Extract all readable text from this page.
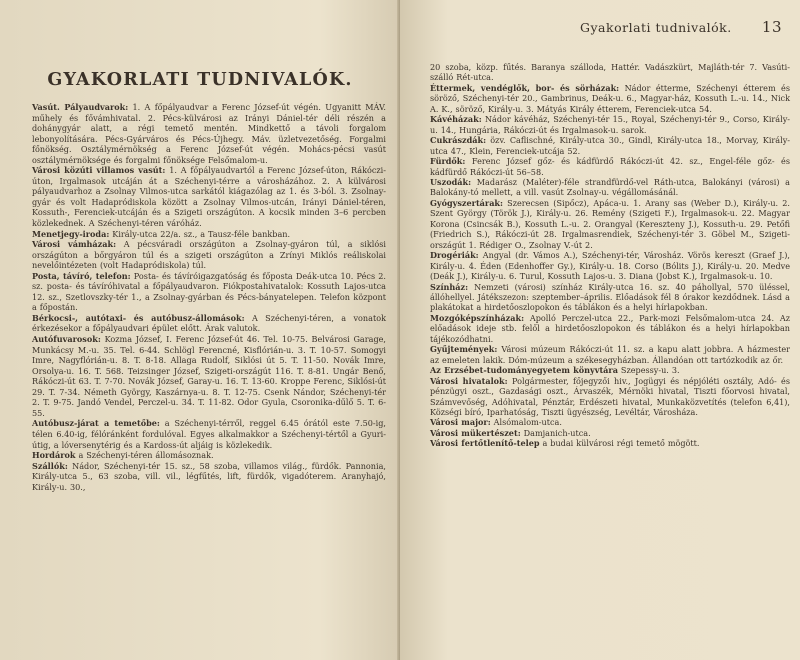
GYAKORLATI TUDNIVALÓK.

Vasút. Pályaudvarok: 1. A főpályaudvar a Ferenc József-út végén. Ugyanitt MÁV. műhely és fővámhivatal. 2. Pécs-külvárosi az Irányi Dániel-tér déli részén a dohánygyár alatt, a régi temető mentén. Mindkettő a távoli forgalom lebonyolítására. Pécs-Gyárváros és Pécs-Újhegy. Máv. üzletvezetőség. Forgalmi főnökség. Osztálymérnökség a Ferenc József-út végén. Mohács-pécsi vasút osztálymérnöksége és forgalmi főnöksége Felsőmalom-u.

Városi közúti villamos vasút: 1. A főpályaudvartól a Ferenc József-úton, Rákóczi-úton, Irgalmasok utcáján át a Széchenyi-térre a városházához. 2. A külvárosi pályaudvarhoz a Zsolnay Vilmos-utca sarkától kiágazólag az 1. és 3-ból. 3. Zsolnay-gyár és volt Hadapródiskola között a Zsolnay Vilmos-utcán, Irányi Dániel-téren, Kossuth-, Ferenciek-utcáján és a Szigeti országúton. A kocsik minden 3–6 percben közlekednek. A Széchenyi-téren váróház.

Menetjegy-iroda: Király-utca 22/a. sz., a Tausz-féle bankban.

Városi vámházak: A pécsváradi országúton a Zsolnay-gyáron túl, a siklósi országúton a bőrgyáron túl és a szigeti országúton a Zrínyi Miklós reáliskolai nevelőintézeten (volt Hadapródiskola) túl.

Posta, távíró, telefon: Posta- és távíróigazgatóság és főposta Deák-utca 10. Pécs 2. sz. posta- és távíróhivatal a főpályaudvaron. Fiókpostahivatalok: Kossuth Lajos-utca 12. sz., Szetlovszky-tér 1., a Zsolnay-gyárban és Pécs-bányatelepen. Telefon központ a főpostán.

Bérkocsi-, autótaxi- és autóbusz-állomások: A Széchenyi-téren, a vonatok érkezésekor a főpályaudvari épület előtt. Árak valutok.

Autófuvarosok: Kozma József, I. Ferenc József-út 46. Tel. 10-75. Belvárosi Garage, Munkácsy M.-u. 35. Tel. 6-44. Schlögl Ferencné, Kisflórián-u. 3. T. 10-57. Somogyi Imre, Nagyflórián-u. 8. T. 8-18. Allaga Rudolf, Siklósi út 5. T. 11-50. Novák Imre, Orsolya-u. 16. T. 568. Teizsinger József, Szigeti-országút 116. T. 8-81. Ungár Benő, Rákóczi-út 63. T. 7-70. Novák József, Garay-u. 16. T. 13-60. Kroppe Ferenc, Siklósi-út 29. T. 7-34. Németh György, Kaszárnya-u. 8. T. 12-75. Csenk Nándor, Széchenyi-tér 2. T. 9-75. Jandó Vendel, Perczel-u. 34. T. 11-82. Odor Gyula, Csoronika-dűlő 5. T. 6-55.

Autóbusz-járat a temetőbe: a Széchenyi-térről, reggel 6.45 órától este 7.50-ig, télen 6.40-ig, félóránként fordulóval. Egyes alkalmakkor a Széchenyi-tértől a Gyuri-útig, a lóversenytérig és a Kardoss-út aljáig is közlekedik.

Hordárok a Széchenyi-téren állomásoznak.

Szállók: Nádor, Széchenyi-tér 15. sz., 58 szoba, villamos világ., fürdők. Pannonia, Király-utca 5., 63 szoba, vill. vil., légfűtés, lift, fürdők, vigadóterem. Aranyhajó, Király-u. 30.,

Gyakorlati tudnivalók. 13

20 szoba, közp. fűtés. Baranya szálloda, Hattér. Vadászkürt, Majláth-tér 7. Vasúti-szálló Rét-utca.

Éttermek, vendéglők, bor- és sörházak: Nádor étterme, Széchenyi étterem és söröző, Széchenyi-tér 20., Gambrinus, Deák-u. 6., Magyar-ház, Kossuth L.-u. 14., Nick A. K., söröző, Király-u. 3. Mátyás Király étterem, Ferenciek-utca 54.

Kávéházak: Nádor kávéház, Széchenyi-tér 15., Royal, Széchenyi-tér 9., Corso, Király-u. 14., Hungária, Rákóczi-út és Irgalmasok-u. sarok.

Cukrászdák: özv. Caflischné, Király-utca 30., Gindl, Király-utca 18., Morvay, Király-utca 47., Klein, Ferenciek-utcája 52.

Fürdők: Ferenc József gőz- és kádfürdő Rákóczi-út 42. sz., Engel-féle gőz- és kádfürdő Rákóczi-út 56–58.

Uszodák: Madarász (Maléter)-féle strandfürdő-vel Ráth-utca, Balokányi (városi) a Balokány-tó mellett, a vill. vasút Zsolnay-u. végállomásánál.

Gyógyszertárak: Szerecsen (Sipőcz), Apáca-u. 1. Arany sas (Weber D.), Király-u. 2. Szent György (Török J.), Király-u. 26. Remény (Szigeti F.), Irgalmasok-u. 22. Magyar Korona (Csincsák B.), Kossuth L.-u. 2. Orangyal (Kereszteny J.), Kossuth-u. 29. Petőfi (Friedrich S.), Rákóczi-út 28. Irgalmasrendiek, Széchenyi-tér 3. Göbel M., Szigeti-országút 1. Rédiger O., Zsolnay V.-út 2.

Drogériák: Angyal (dr. Vámos A.), Széchenyi-tér, Városház. Vörös kereszt (Graef J.), Király-u. 4. Éden (Edenhoffer Gy.), Király-u. 18. Corso (Bólits J.), Király-u. 20. Medve (Deák J.), Király-u. 6. Turul, Kossuth Lajos-u. 3. Diana (Jobst K.), Irgalmasok-u. 10.

Színház: Nemzeti (városi) színház Király-utca 16. sz. 40 páhollyal, 570 üléssel, állóhellyel. Játékszezon: szeptember–április. Előadások fél 8 órakor kezdődnek. Lásd a plakátokat a hirdetőoszlopokon és táblákon és a helyi hírlapokban.

Mozgóképszínházak: Apolló Perczel-utca 22., Park-mozi Felsőmalom-utca 24. Az előadások ideje stb. felől a hirdetőoszlopokon és táblákon és a helyi hírlapokban tájékozódhatni.

Gyűjtemények: Városi múzeum Rákóczi-út 11. sz. a kapu alatt jobbra. A házmester az emeleten lakik. Dóm-múzeum a székesegyházban. Állandóan ott tartózkodik az őr.

Az Erzsébet-tudományegyetem könyvtára Szepessy-u. 3.

Városi hivatalok: Polgármester, főjegyzői hiv., Jogügyi és népjóléti osztály, Adó- és pénzügyi oszt., Gazdasági oszt., Árvaszék, Mérnöki hivatal, Tiszti főorvosi hivatal, Számvevőség, Adóhivatal, Pénztár, Erdészeti hivatal, Munkaközvetítés (telefon 6,41), Községi bíró, Iparhatóság, Tiszti ügyészség, Levéltár, Városháza.

Városi major: Alsómalom-utca.

Városi mükertészet: Damjanich-utca.

Városi fertőtlenítő-telep a budai külvárosi régi temető mögött.
